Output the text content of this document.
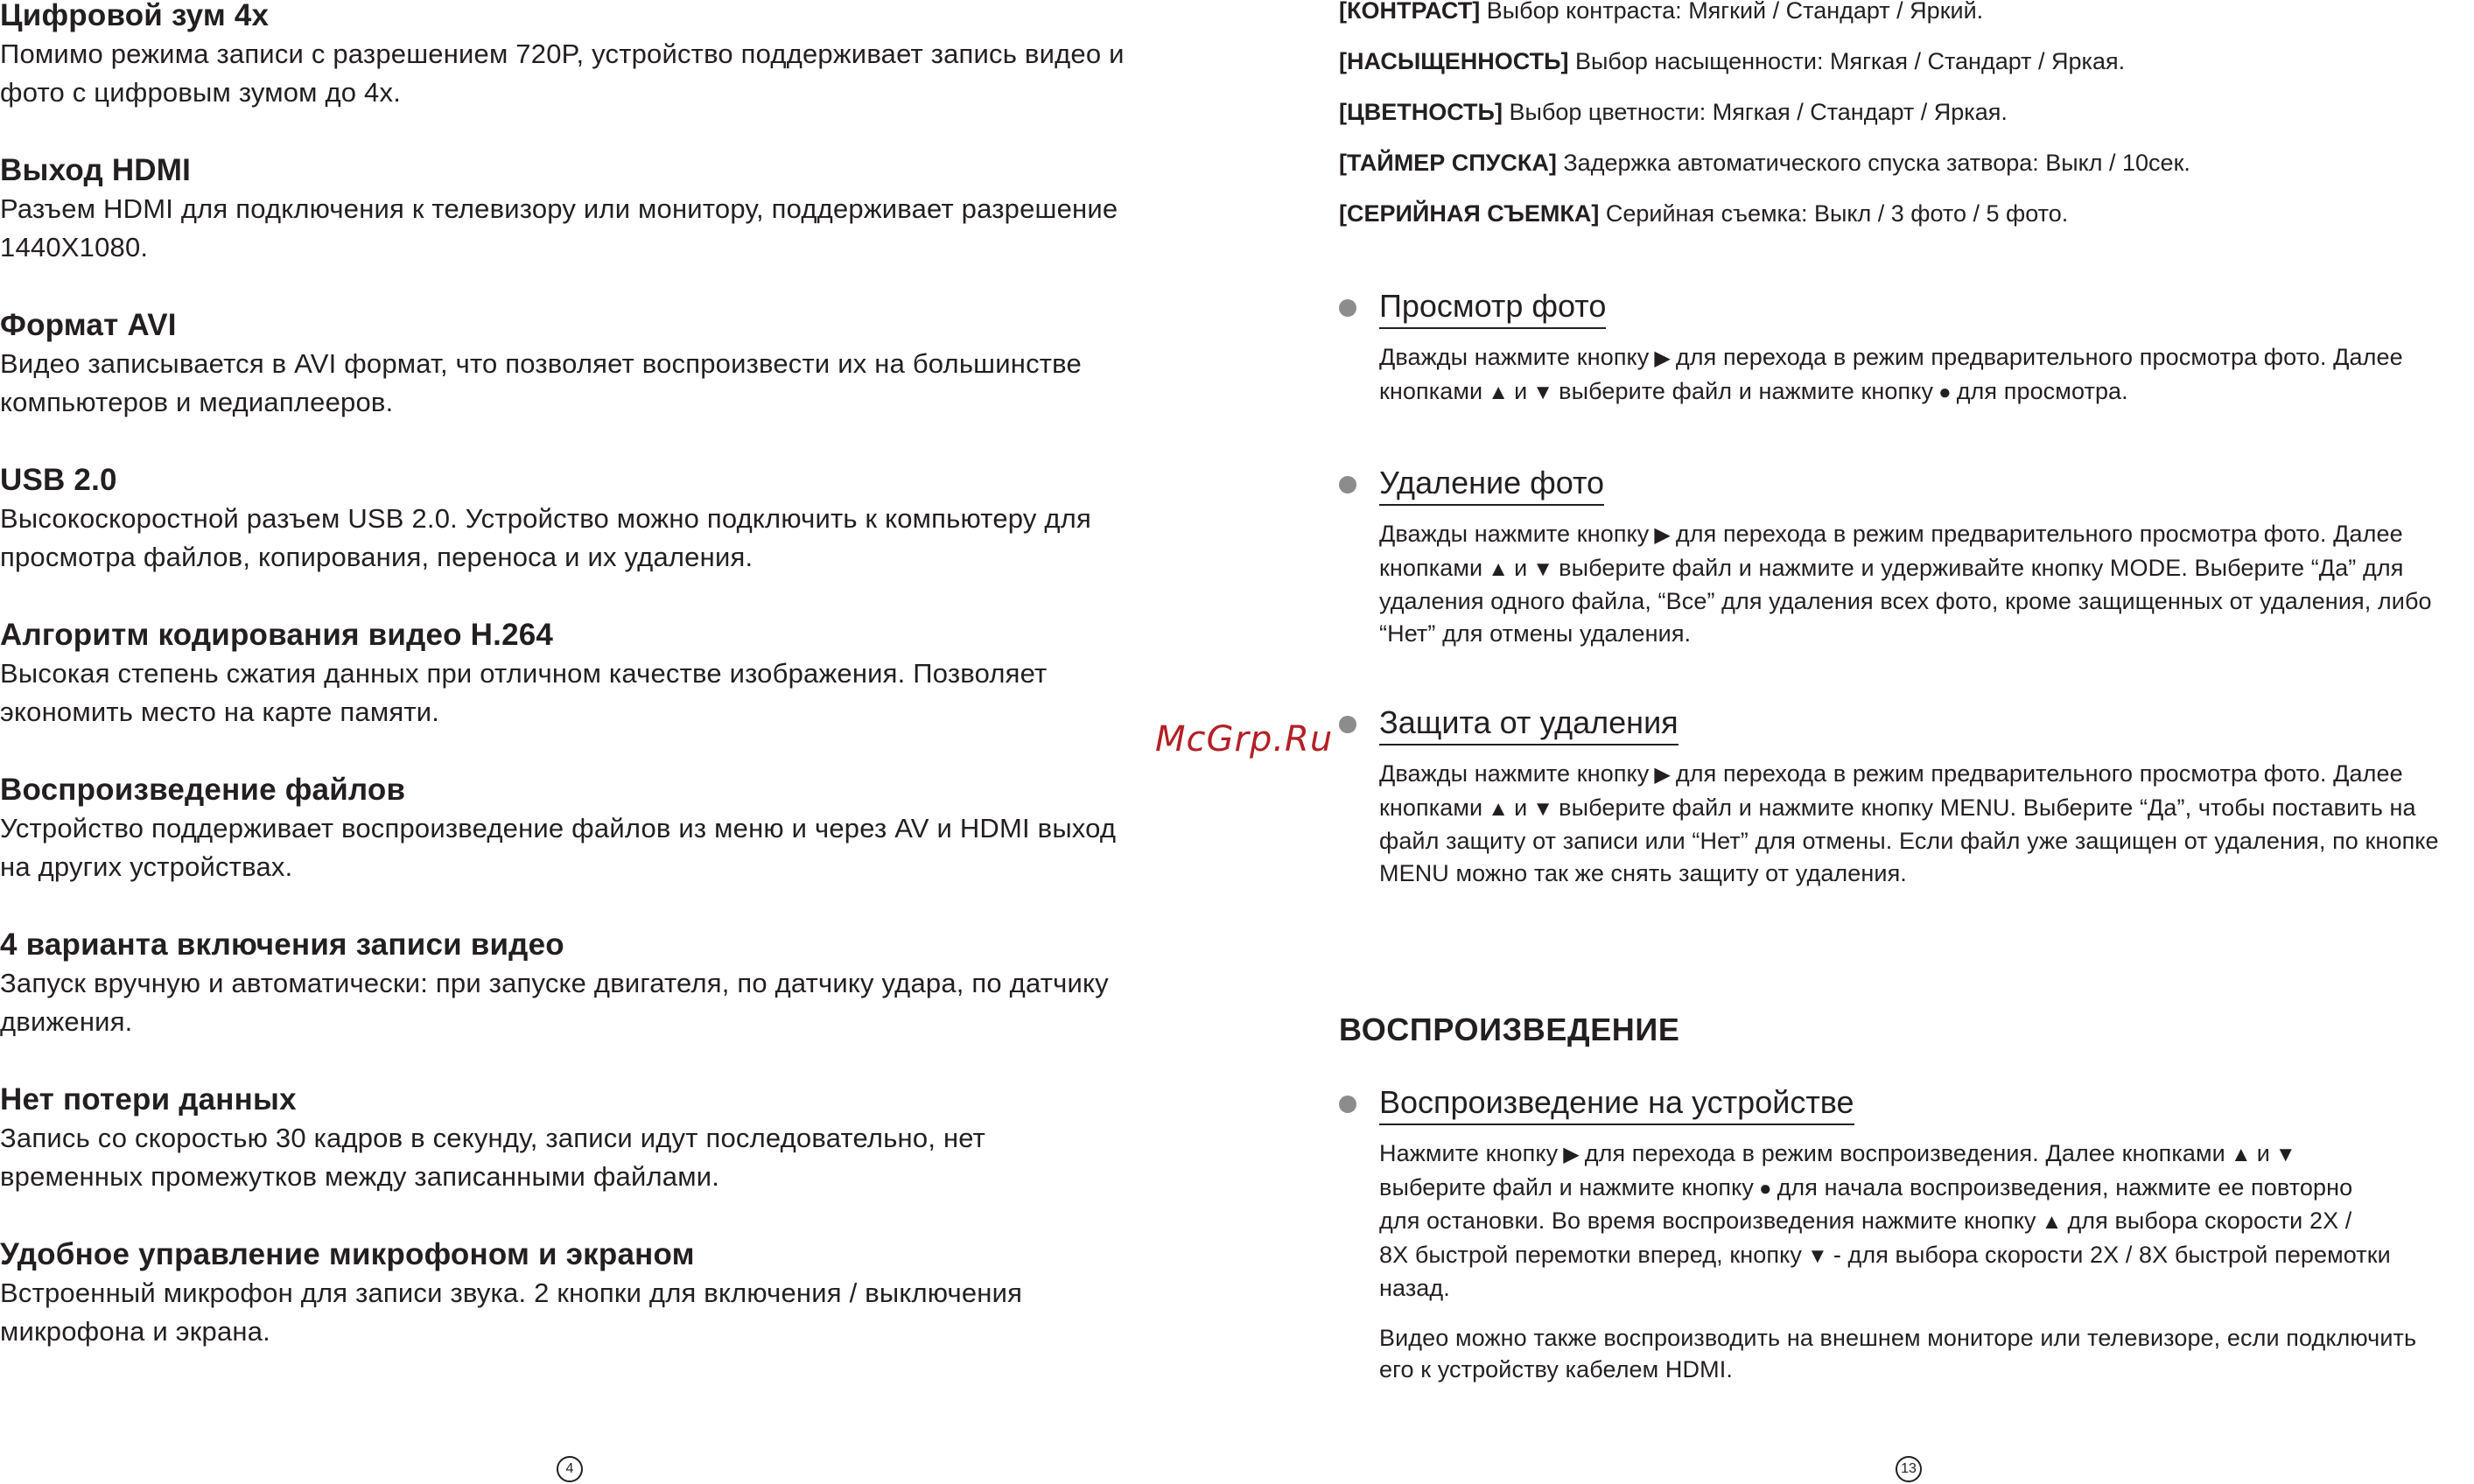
Цифровой зум 4х
Помимо режима записи с разрешением 720P, устройство поддерживает запись видео и
фото с цифровым зумом до 4х.
Выход HDMI
Разъем HDMI для подключения к телевизору или монитору, поддерживает разрешение
1440X1080.
Формат AVI
Видео записывается в AVI формат, что позволяет воспроизвести их на большинстве
компьютеров и медиаплееров.
USB 2.0
Высокоскоростной разъем USB 2.0. Устройство можно подключить к компьютеру для
просмотра файлов, копирования, переноса и их удаления.
Алгоритм кодирования видео H.264
Высокая степень сжатия данных при отличном качестве изображения. Позволяет
экономить место на карте памяти.
Воспроизведение файлов
Устройство поддерживает воспроизведение файлов из меню и через AV и HDMI выход
на других устройствах.
4 варианта включения записи видео
Запуск вручную и автоматически: при запуске двигателя, по датчику удара, по датчику
движения.
Нет потери данных
Запись со скоростью 30 кадров в секунду, записи идут последовательно, нет
временных промежутков между записанными файлами.
Удобное управление микрофоном и экраном
Встроенный микрофон для записи звука. 2 кнопки для включения / выключения
микрофона и экрана.
4
McGrp.Ru
[КОНТРАСТ] Выбор контраста: Мягкий / Стандарт / Яркий.
[НАСЫЩЕННОСТЬ] Выбор насыщенности: Мягкая / Стандарт / Яркая.
[ЦВЕТНОСТЬ] Выбор цветности: Мягкая / Стандарт / Яркая.
[ТАЙМЕР СПУСКА] Задержка автоматического спуска затвора: Выкл / 10сек.
[СЕРИЙНАЯ СЪЕМКА] Серийная съемка: Выкл / 3 фото / 5 фото.
Просмотр фото
Дважды нажмите кнопку ▶ для перехода в режим предварительного просмотра фото. Далее
кнопками ▲ и ▼ выберите файл и нажмите кнопку ● для просмотра.
Удаление фото
Дважды нажмите кнопку ▶ для перехода в режим предварительного просмотра фото. Далее
кнопками ▲ и ▼ выберите файл и нажмите и удерживайте кнопку MODE. Выберите “Да” для
удаления одного файла, “Все” для удаления всех фото, кроме защищенных от удаления, либо
“Нет” для отмены удаления.
Защита от удаления
Дважды нажмите кнопку ▶ для перехода в режим предварительного просмотра фото. Далее
кнопками ▲ и ▼ выберите файл и нажмите кнопку MENU. Выберите “Да”, чтобы поставить на
файл защиту от записи или “Нет” для отмены. Если файл уже защищен от удаления, по кнопке
MENU можно так же снять защиту от удаления.
ВОСПРОИЗВЕДЕНИЕ
Воспроизведение на устройстве
Нажмите кнопку ▶ для перехода в режим воспроизведения. Далее кнопками ▲ и ▼
выберите файл и нажмите кнопку ● для начала воспроизведения, нажмите ее повторно
для остановки. Во время воспроизведения нажмите кнопку ▲ для выбора скорости 2X /
8X быстрой перемотки вперед, кнопку ▼ - для выбора скорости 2X / 8X быстрой перемотки
назад.
Видео можно также воспроизводить на внешнем мониторе или телевизоре, если подключить
его к устройству кабелем HDMI.
13
